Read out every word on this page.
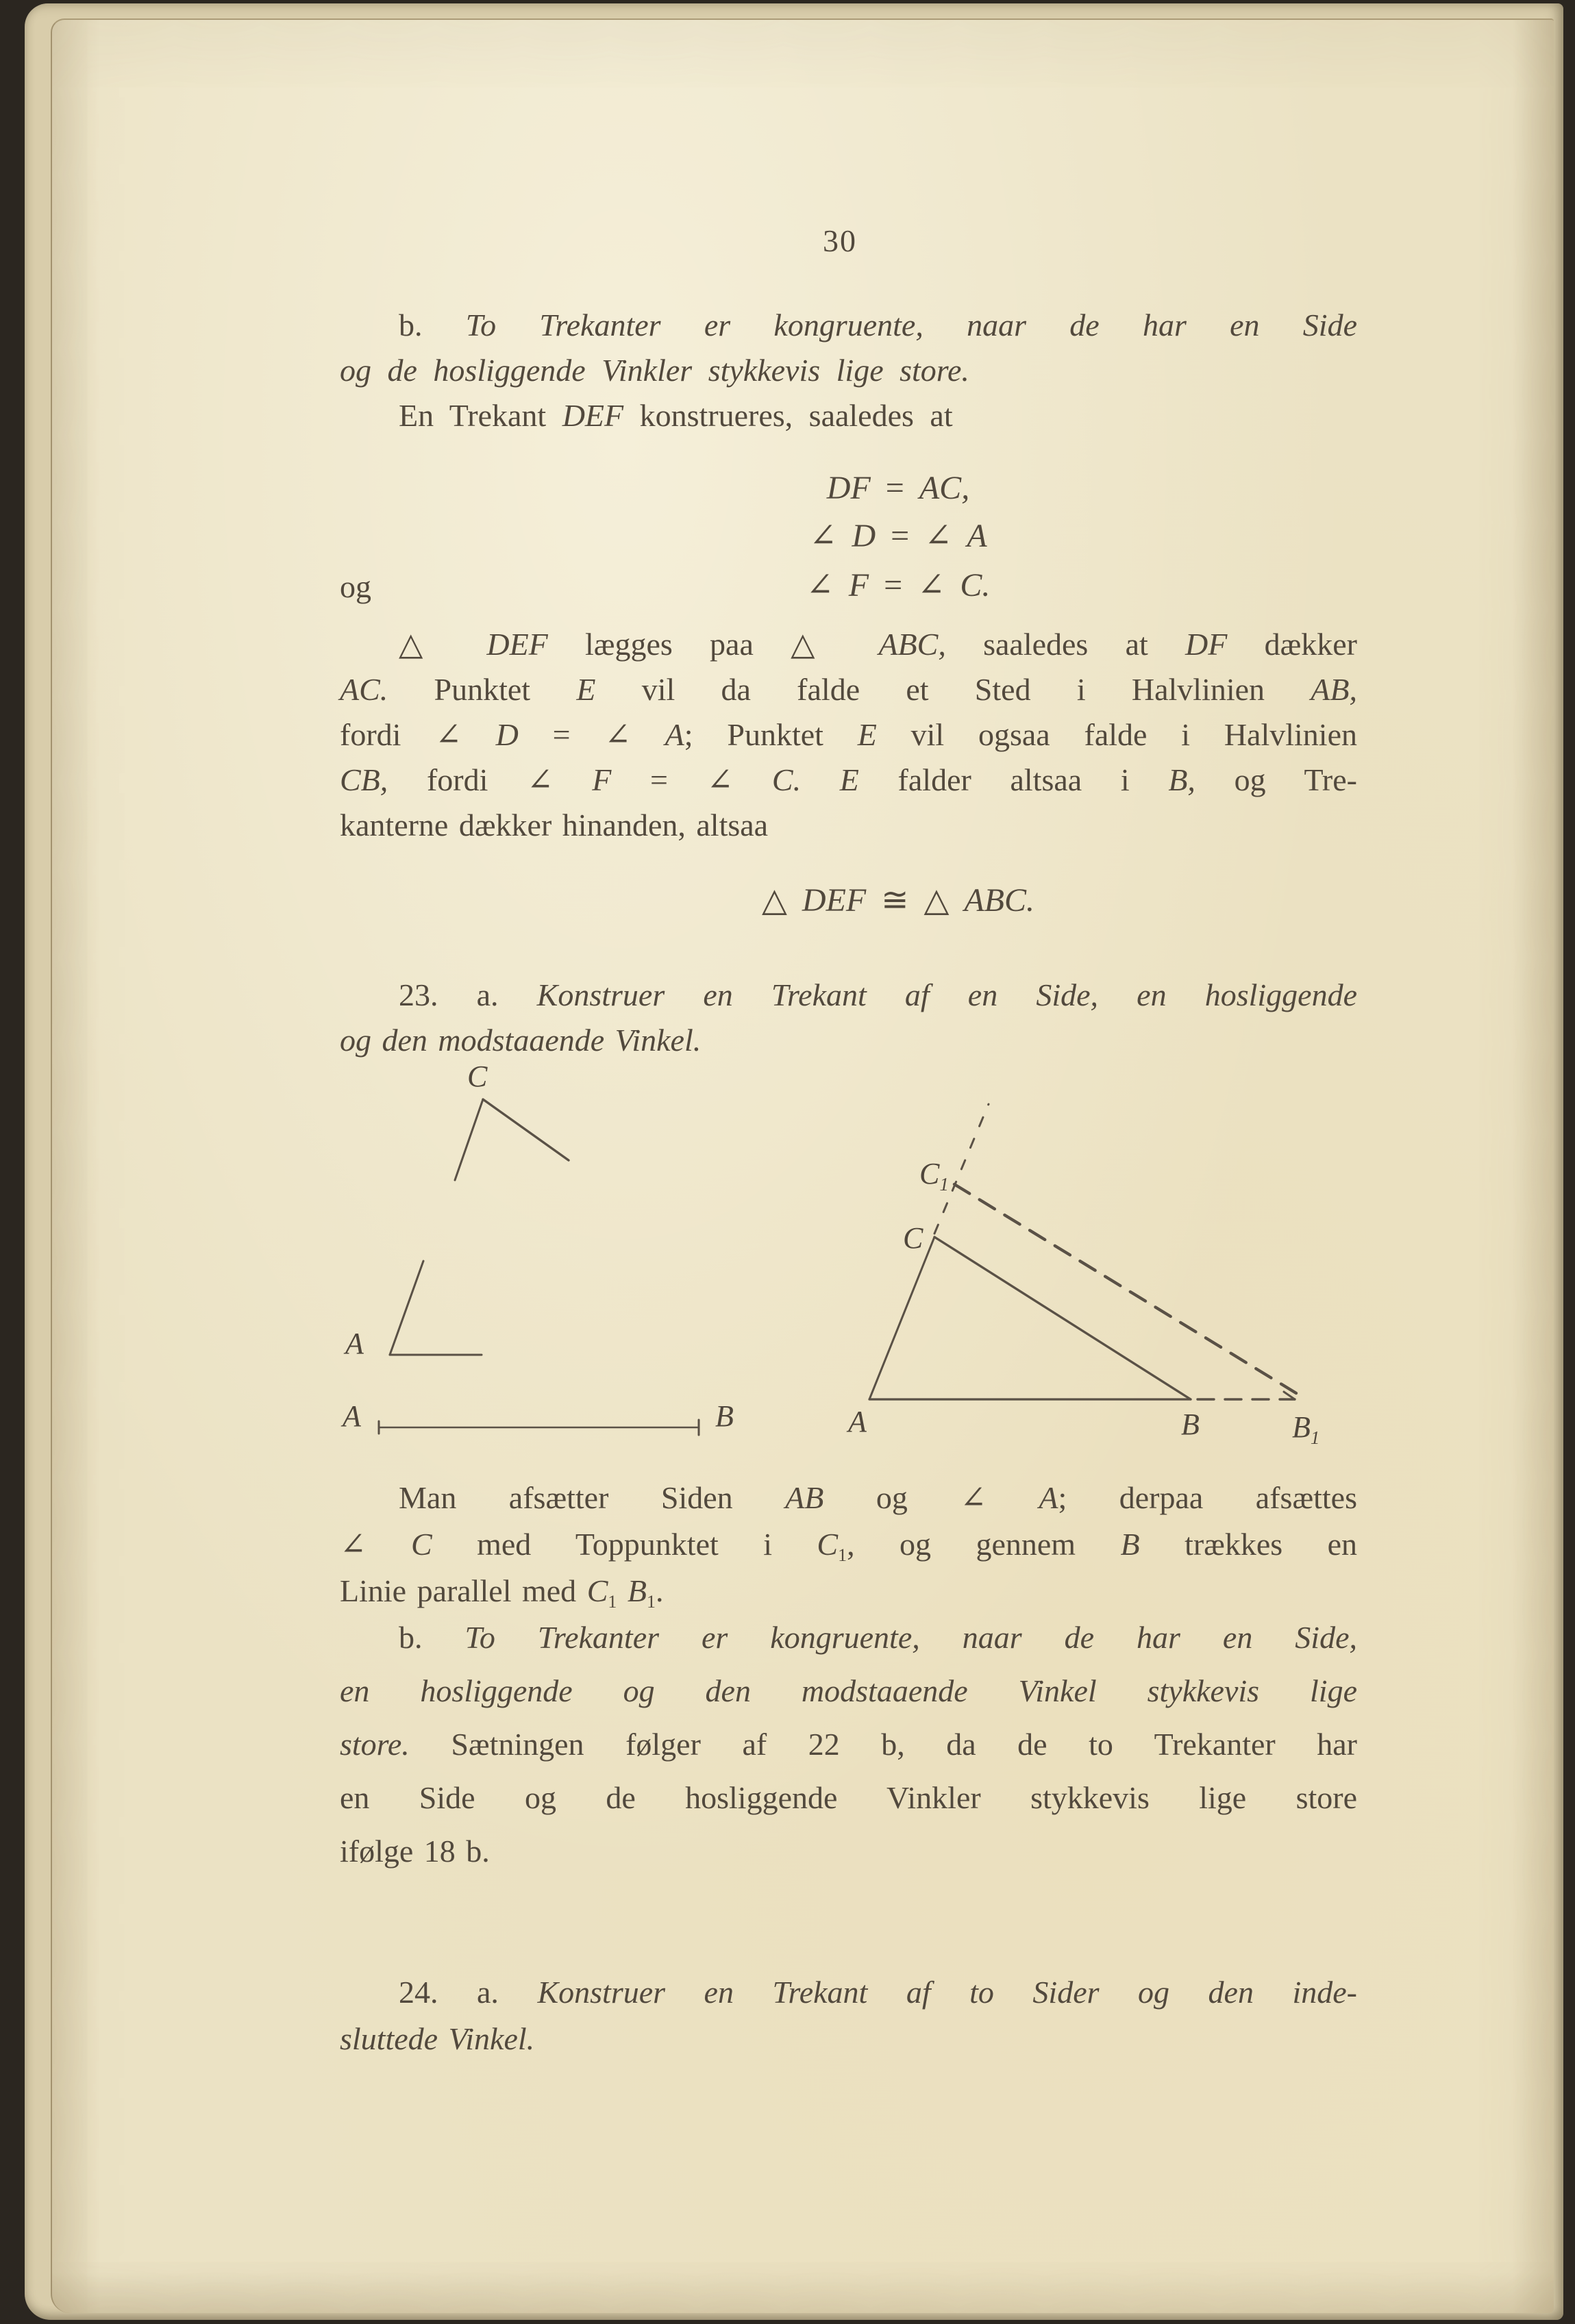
30
b. To Trekanter er kongruente, naar de har en Side
og de hosliggende Vinkler stykkevis lige store.
En Trekant DEF konstrueres, saaledes at
DF = AC,
∠ D = ∠ A
∠ F = ∠ C.
og
△ DEF lægges paa △ ABC, saaledes at DF dækker
AC. Punktet E vil da falde et Sted i Halvlinien AB,
fordi ∠ D = ∠ A; Punktet E vil ogsaa falde i Halvlinien
CB, fordi ∠ F = ∠ C. E falder altsaa i B, og Tre-
kanterne dækker hinanden, altsaa
△ DEF ≅ △ ABC.
23. a. Konstruer en Trekant af en Side, en hosliggende
og den modstaaende Vinkel.
C
A
A	B	A	B	$B_1$
C
$C_1$
Man afsætter Siden AB og ∠ A; derpaa afsættes
∠ C med Toppunktet i $C_1$, og gennem B trækkes en
Linie parallel med $C_1$ $B_1$.
b. To Trekanter er kongruente, naar de har en Side,
en hosliggende og den modstaaende Vinkel stykkevis lige
store. Sætningen følger af 22 b, da de to Trekanter har
en Side og de hosliggende Vinkler stykkevis lige store
ifølge 18 b.
24. a. Konstruer en Trekant af to Sider og den inde-
sluttede Vinkel.
